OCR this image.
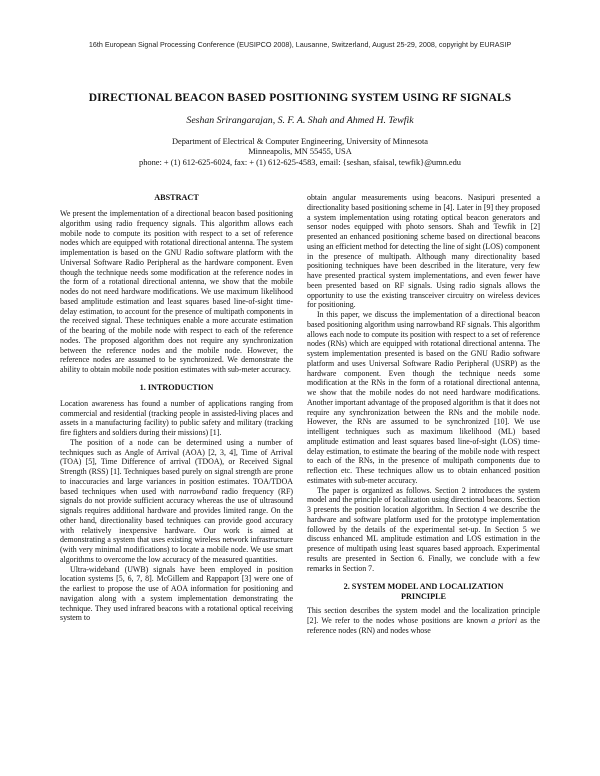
16th European Signal Processing Conference (EUSIPCO 2008), Lausanne, Switzerland, August 25-29, 2008, copyright by EURASIP
DIRECTIONAL BEACON BASED POSITIONING SYSTEM USING RF SIGNALS
Seshan Srirangarajan, S. F. A. Shah and Ahmed H. Tewfik
Department of Electrical & Computer Engineering, University of Minnesota
Minneapolis, MN 55455, USA
phone: + (1) 612-625-6024, fax: + (1) 612-625-4583, email: {seshan, sfaisal, tewfik}@umn.edu
ABSTRACT

We present the implementation of a directional beacon based positioning algorithm using radio frequency signals. This algorithm allows each mobile node to compute its position with respect to a set of reference nodes which are equipped with rotational directional antenna. The system implementation is based on the GNU Radio software platform with the Universal Software Radio Peripheral as the hardware component. Even though the technique needs some modification at the reference nodes in the form of a rotational directional antenna, we show that the mobile nodes do not need hardware modifications. We use maximum likelihood based amplitude estimation and least squares based line-of-sight time-delay estimation, to account for the presence of multipath components in the received signal. These techniques enable a more accurate estimation of the bearing of the mobile node with respect to each of the reference nodes. The proposed algorithm does not require any synchronization between the reference nodes and the mobile node. However, the reference nodes are assumed to be synchronized. We demonstrate the ability to obtain mobile node position estimates with sub-meter accuracy.

1. INTRODUCTION

Location awareness has found a number of applications ranging from commercial and residential (tracking people in assisted-living places and assets in a manufacturing facility) to public safety and military (tracking fire fighters and soldiers during their missions) [1].

The position of a node can be determined using a number of techniques such as Angle of Arrival (AOA) [2, 3, 4], Time of Arrival (TOA) [5], Time Difference of arrival (TDOA), or Received Signal Strength (RSS) [1]. Techniques based purely on signal strength are prone to inaccuracies and large variances in position estimates. TOA/TDOA based techniques when used with narrowband radio frequency (RF) signals do not provide sufficient accuracy whereas the use of ultrasound signals requires additional hardware and provides limited range. On the other hand, directionality based techniques can provide good accuracy with relatively inexpensive hardware. Our work is aimed at demonstrating a system that uses existing wireless network infrastructure (with very minimal modifications) to locate a mobile node. We use smart algorithms to overcome the low accuracy of the measured quantities.

Ultra-wideband (UWB) signals have been employed in position location systems [5, 6, 7, 8]. McGillem and Rappaport [3] were one of the earliest to propose the use of AOA information for positioning and navigation along with a system implementation demonstrating the technique. They used infrared beacons with a rotational optical receiving system to

obtain angular measurements using beacons. Nasipuri presented a directionality based positioning scheme in [4]. Later in [9] they proposed a system implementation using rotating optical beacon generators and sensor nodes equipped with photo sensors. Shah and Tewfik in [2] presented an enhanced positioning scheme based on directional beacons using an efficient method for detecting the line of sight (LOS) component in the presence of multipath. Although many directionality based positioning techniques have been described in the literature, very few have presented practical system implementations, and even fewer have been presented based on RF signals. Using radio signals allows the opportunity to use the existing transceiver circuitry on wireless devices for positioning.

In this paper, we discuss the implementation of a directional beacon based positioning algorithm using narrowband RF signals. This algorithm allows each node to compute its position with respect to a set of reference nodes (RNs) which are equipped with rotational directional antenna. The system implementation presented is based on the GNU Radio software platform and uses Universal Software Radio Peripheral (USRP) as the hardware component. Even though the technique needs some modification at the RNs in the form of a rotational directional antenna, we show that the mobile nodes do not need hardware modifications. Another important advantage of the proposed algorithm is that it does not require any synchronization between the RNs and the mobile node. However, the RNs are assumed to be synchronized [10]. We use intelligent techniques such as maximum likelihood (ML) based amplitude estimation and least squares based line-of-sight (LOS) time-delay estimation, to estimate the bearing of the mobile node with respect to each of the RNs, in the presence of multipath components due to reflection etc. These techniques allow us to obtain enhanced position estimates with sub-meter accuracy.

The paper is organized as follows. Section 2 introduces the system model and the principle of localization using directional beacons. Section 3 presents the position location algorithm. In Section 4 we describe the hardware and software platform used for the prototype implementation followed by the details of the experimental set-up. In Section 5 we discuss enhanced ML amplitude estimation and LOS estimation in the presence of multipath using least squares based approach. Experimental results are presented in Section 6. Finally, we conclude with a few remarks in Section 7.

2. SYSTEM MODEL AND LOCALIZATION
PRINCIPLE

This section describes the system model and the localization principle [2]. We refer to the nodes whose positions are known a priori as the reference nodes (RN) and nodes whose
